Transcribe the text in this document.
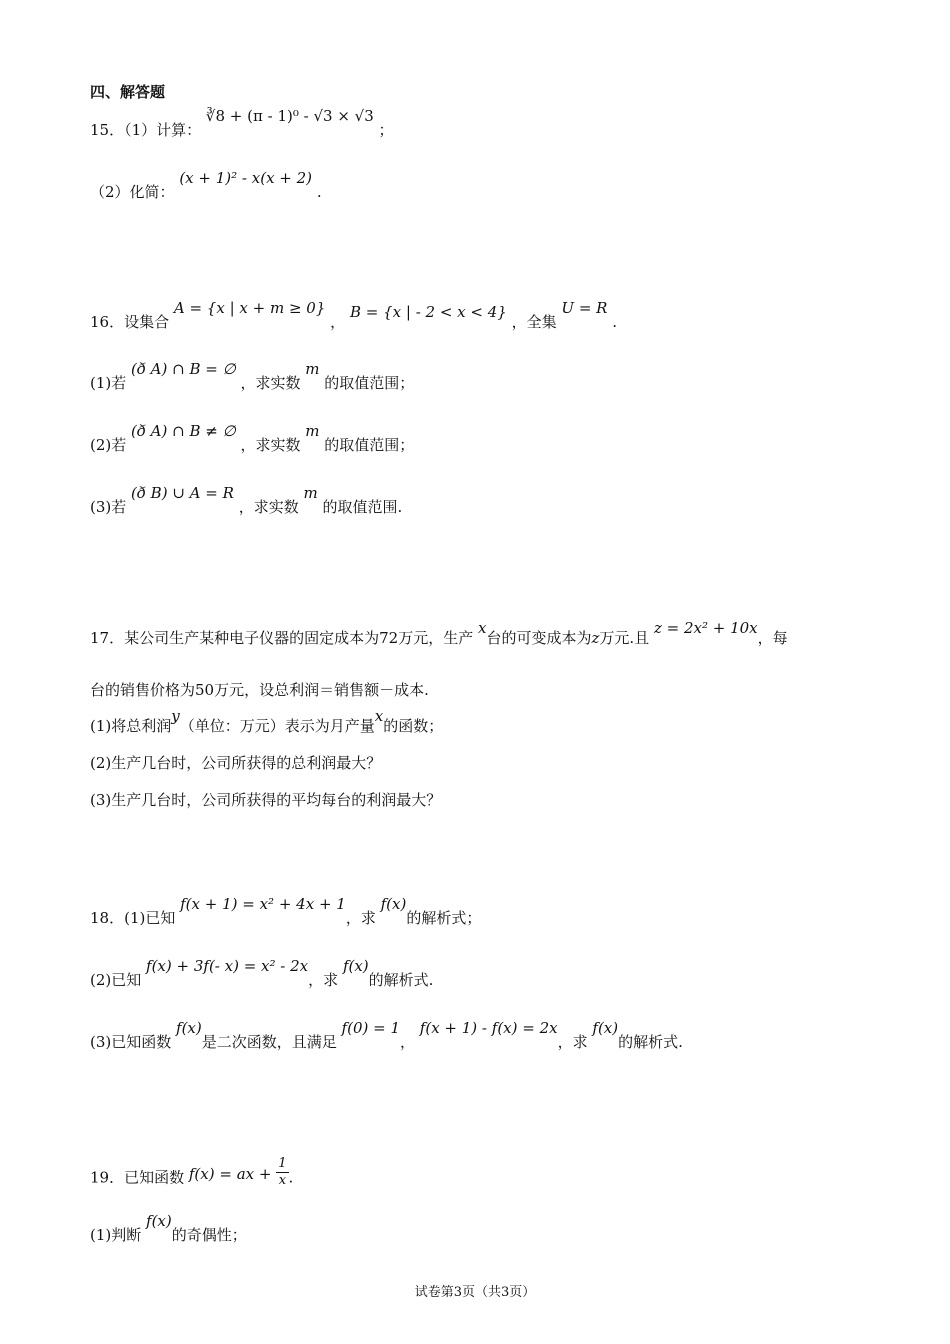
四、解答题
15．（1）计算： ∛8 + (π - 1)⁰ - √3 × √3 ；
（2）化简： (x + 1)² - x(x + 2) .
16．设集合 A = {x | x + m ≥ 0} ， B = {x | - 2 < x < 4} ，全集 U = R .
(1)若 (ð A) ∩ B = ∅ ，求实数 m 的取值范围；
(2)若 (ð A) ∩ B ≠ ∅ ，求实数 m 的取值范围；
(3)若 (ð B) ∪ A = R ，求实数 m 的取值范围.
17．某公司生产某种电子仪器的固定成本为72万元，生产 x台的可变成本为z万元.且 z = 2x² + 10x，每
台的销售价格为50万元，设总利润＝销售额－成本.
(1)将总利润y（单位：万元）表示为月产量x的函数；
(2)生产几台时，公司所获得的总利润最大？
(3)生产几台时，公司所获得的平均每台的利润最大？
18．(1)已知 f(x + 1) = x² + 4x + 1，求 f(x)的解析式；
(2)已知 f(x) + 3f(- x) = x² - 2x，求 f(x)的解析式.
(3)已知函数 f(x)是二次函数，且满足 f(0) = 1， f(x + 1) - f(x) = 2x，求 f(x)的解析式.
19．已知函数 f(x) = ax + $\frac{1}{x}$ .
(1)判断 f(x)的奇偶性；
试卷第3页（共3页）
